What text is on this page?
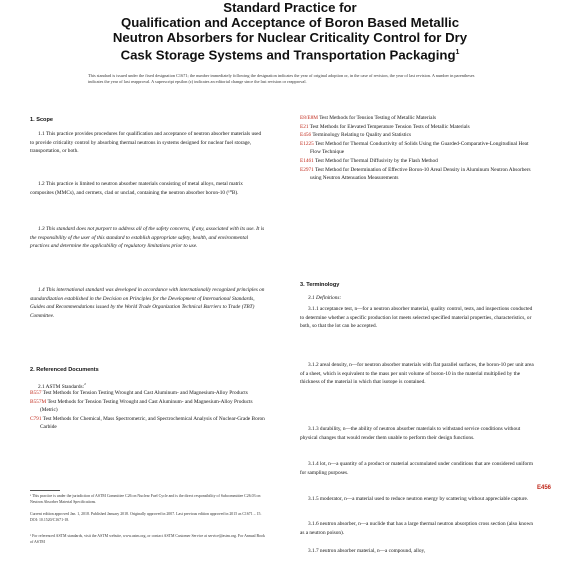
Standard Practice for
Qualification and Acceptance of Boron Based Metallic
Neutron Absorbers for Nuclear Criticality Control for Dry
Cask Storage Systems and Transportation Packaging$^1$
This standard is issued under the fixed designation C1671; the number immediately following the designation indicates the year of original adoption or, in the case of revision, the year of last revision. A number in parentheses indicates the year of last reapproval. A superscript epsilon (ε) indicates an editorial change since the last revision or reapproval.
1. Scope
1.1 This practice provides procedures for qualification and acceptance of neutron absorber materials used to provide criticality control by absorbing thermal neutrons in systems designed for nuclear fuel storage, transportation, or both.
1.2 This practice is limited to neutron absorber materials consisting of metal alloys, metal matrix composites (MMCs), and cermets, clad or unclad, containing the neutron absorber boron-10 (¹⁰B).
1.3 This standard does not purport to address all of the safety concerns, if any, associated with its use. It is the responsibility of the user of this standard to establish appropriate safety, health, and environmental practices and determine the applicability of regulatory limitations prior to use.
1.4 This international standard was developed in accordance with internationally recognized principles on standardization established in the Decision on Principles for the Development of International Standards, Guides and Recommendations issued by the World Trade Organization Technical Barriers to Trade (TBT) Committee.
2. Referenced Documents
2.1 ASTM Standards:$^2$
B557 Test Methods for Tension Testing Wrought and Cast Aluminum- and Magnesium-Alloy Products
B557M Test Methods for Tension Testing Wrought and Cast Aluminum- and Magnesium-Alloy Products (Metric)
C791 Test Methods for Chemical, Mass Spectrometric, and Spectrochemical Analysis of Nuclear-Grade Boron Carbide
¹ This practice is under the jurisdiction of ASTM Committee C26 on Nuclear Fuel Cycle and is the direct responsibility of Subcommittee C26.03 on Neutron Absorber Material Specifications.
Current edition approved Jan. 1, 2018. Published January 2018. Originally approved in 2007. Last previous edition approved in 2015 as C1671 – 15. DOI: 10.1520/C1671-18.
² For referenced ASTM standards, visit the ASTM website, www.astm.org, or contact ASTM Customer Service at service@astm.org. For Annual Book of ASTM
E8/E8M Test Methods for Tension Testing of Metallic Materials
E21 Test Methods for Elevated Temperature Tension Tests of Metallic Materials
E456 Terminology Relating to Quality and Statistics
E1225 Test Method for Thermal Conductivity of Solids Using the Guarded-Comparative-Longitudinal Heat Flow Technique
E1461 Test Method for Thermal Diffusivity by the Flash Method
E2971 Test Method for Determination of Effective Boron-10 Areal Density in Aluminum Neutron Absorbers using Neutron Attenuation Measurements
3. Terminology
3.1 Definitions:
3.1.1 acceptance test, n—for a neutron absorber material, quality control, tests, and inspections conducted to determine whether a specific production lot meets selected specified material properties, characteristics, or both, so that the lot can be accepted.
3.1.2 areal density, n—for neutron absorber materials with flat parallel surfaces, the boron-10 per unit area of a sheet, which is equivalent to the mass per unit volume of boron-10 in the material multiplied by the thickness of the material in which that isotope is contained.
3.1.3 durability, n—the ability of neutron absorber materials to withstand service conditions without physical changes that would render them unable to perform their design functions.
3.1.4 lot, n—a quantity of a product or material accumulated under conditions that are considered uniform for sampling purposes.
3.1.5 moderator, n—a material used to reduce neutron energy by scattering without appreciable capture.
3.1.6 neutron absorber, n—a nuclide that has a large thermal neutron absorption cross section (also known as a neutron poison).
3.1.7 neutron absorber material, n—a compound, alloy,
E456
